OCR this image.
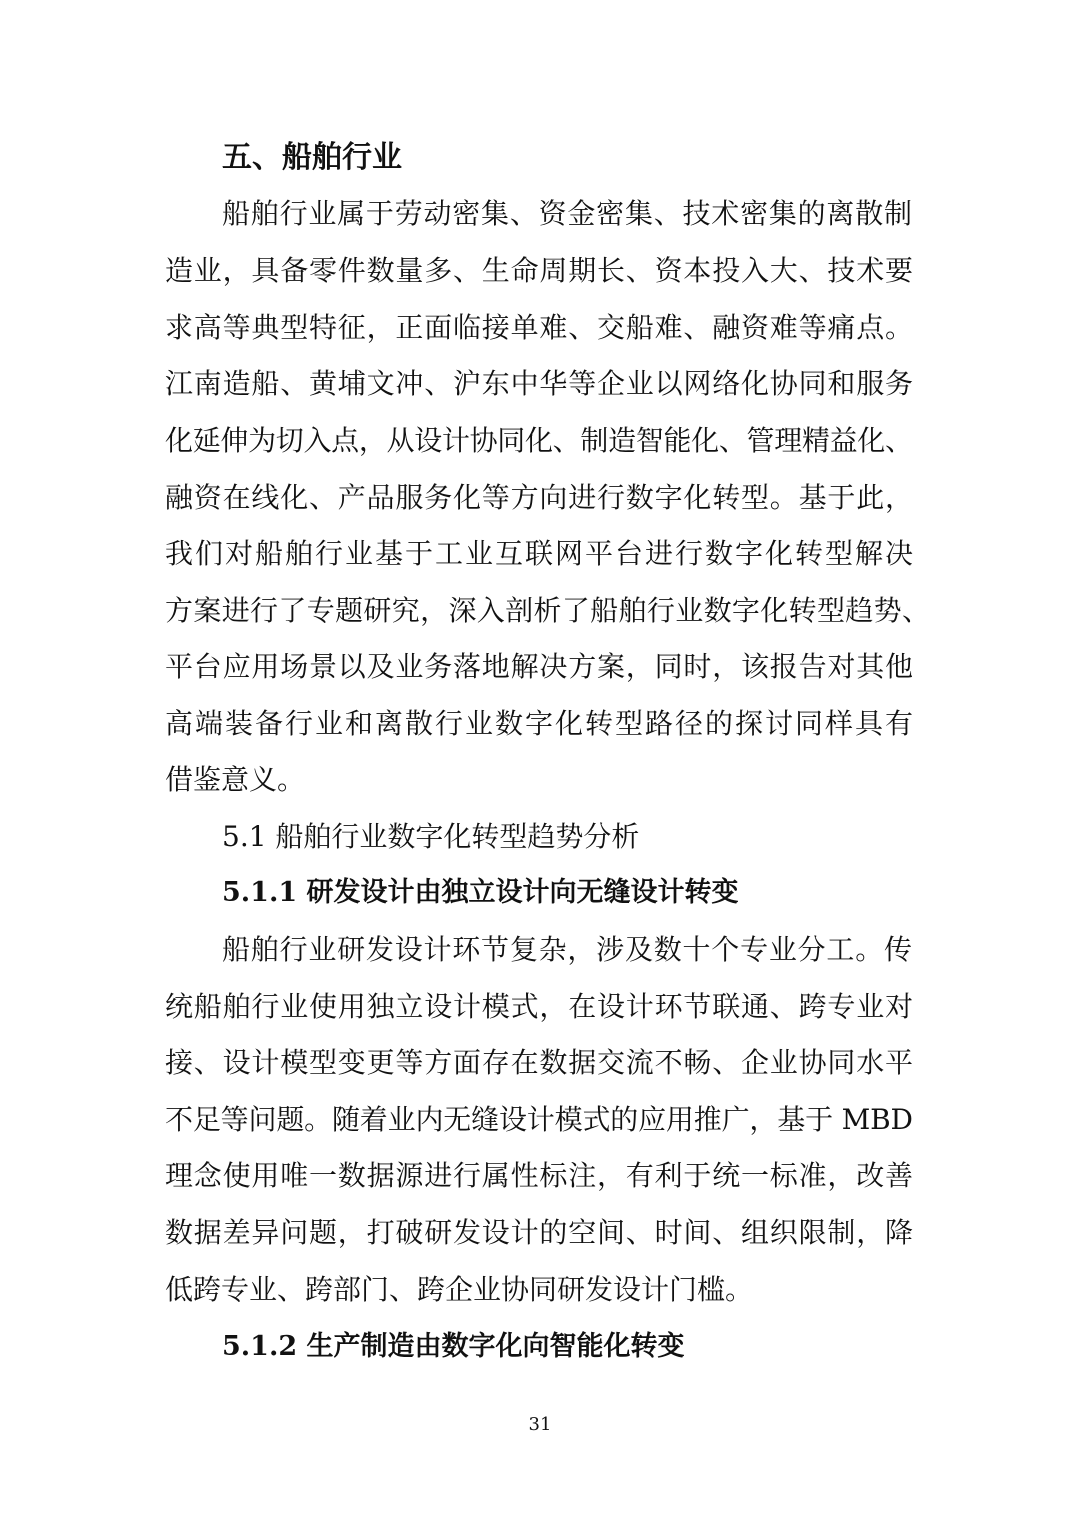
五、船舶行业
船舶行业属于劳动密集、资金密集、技术密集的离散制
造业，具备零件数量多、生命周期长、资本投入大、技术要
求高等典型特征，正面临接单难、交船难、融资难等痛点。
江南造船、黄埔文冲、沪东中华等企业以网络化协同和服务
化延伸为切入点，从设计协同化、制造智能化、管理精益化、
融资在线化、产品服务化等方向进行数字化转型。基于此，
我们对船舶行业基于工业互联网平台进行数字化转型解决
方案进行了专题研究，深入剖析了船舶行业数字化转型趋势、
平台应用场景以及业务落地解决方案，同时，该报告对其他
高端装备行业和离散行业数字化转型路径的探讨同样具有
借鉴意义。
5.1 船舶行业数字化转型趋势分析
5.1.1 研发设计由独立设计向无缝设计转变
船舶行业研发设计环节复杂，涉及数十个专业分工。传
统船舶行业使用独立设计模式，在设计环节联通、跨专业对
接、设计模型变更等方面存在数据交流不畅、企业协同水平
不足等问题。随着业内无缝设计模式的应用推广，基于 MBD
理念使用唯一数据源进行属性标注，有利于统一标准，改善
数据差异问题，打破研发设计的空间、时间、组织限制，降
低跨专业、跨部门、跨企业协同研发设计门槛。
5.1.2 生产制造由数字化向智能化转变
31
